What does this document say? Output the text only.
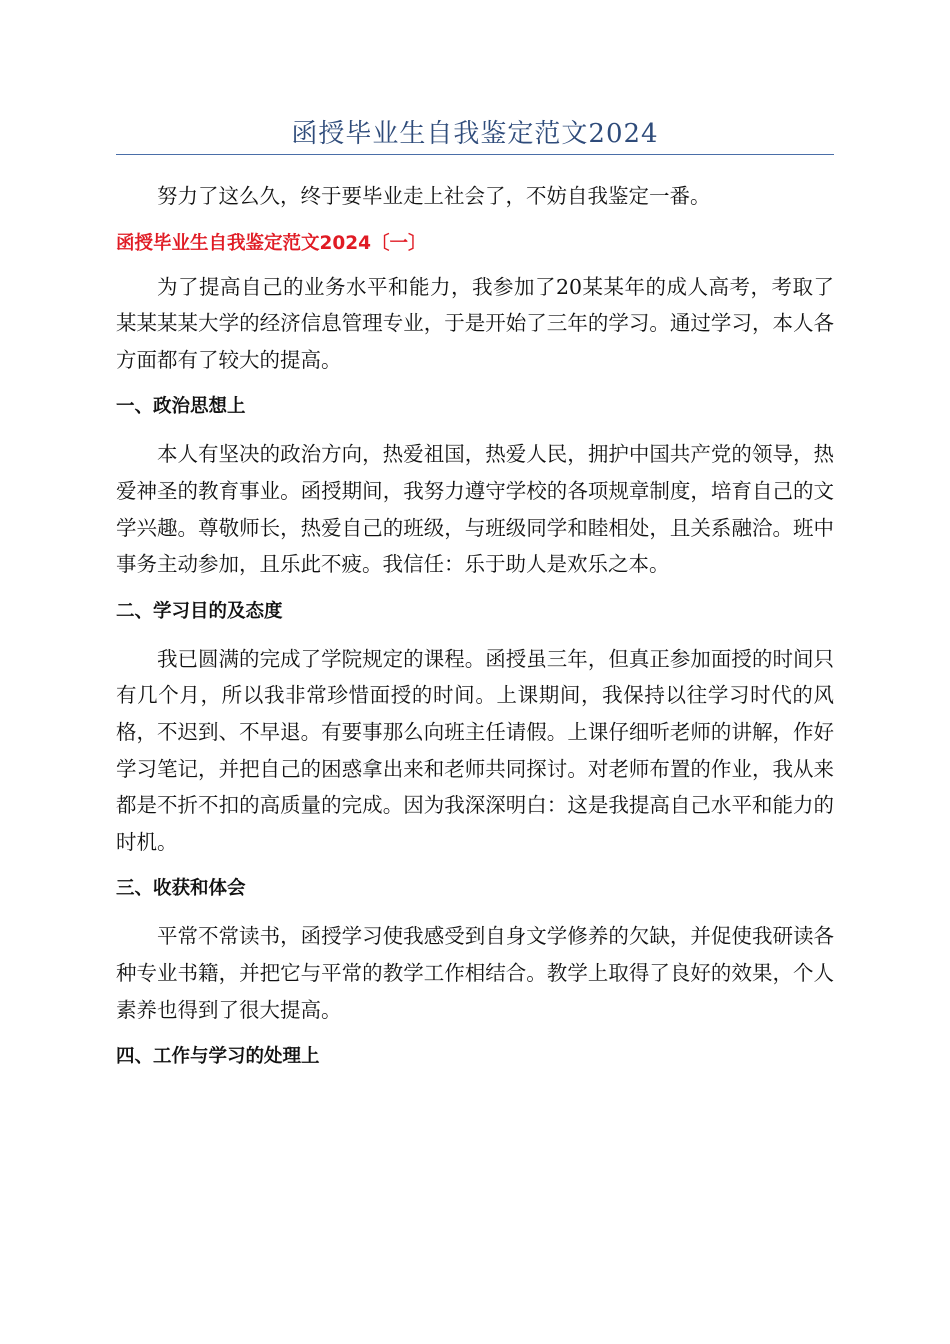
函授毕业生自我鉴定范文2024

努力了这么久，终于要毕业走上社会了，不妨自我鉴定一番。

函授毕业生自我鉴定范文2024〔一〕

为了提高自己的业务水平和能力，我参加了20某某年的成人高考，考取了某某某某大学的经济信息管理专业，于是开始了三年的学习。通过学习，本人各方面都有了较大的提高。

一、政治思想上

本人有坚决的政治方向，热爱祖国，热爱人民，拥护中国共产党的领导，热爱神圣的教育事业。函授期间，我努力遵守学校的各项规章制度，培育自己的文学兴趣。尊敬师长，热爱自己的班级，与班级同学和睦相处，且关系融洽。班中事务主动参加，且乐此不疲。我信任：乐于助人是欢乐之本。

二、学习目的及态度

我已圆满的完成了学院规定的课程。函授虽三年，但真正参加面授的时间只有几个月，所以我非常珍惜面授的时间。上课期间，我保持以往学习时代的风格，不迟到、不早退。有要事那么向班主任请假。上课仔细听老师的讲解，作好学习笔记，并把自己的困惑拿出来和老师共同探讨。对老师布置的作业，我从来都是不折不扣的高质量的完成。因为我深深明白：这是我提高自己水平和能力的时机。

三、收获和体会

平常不常读书，函授学习使我感受到自身文学修养的欠缺，并促使我研读各种专业书籍，并把它与平常的教学工作相结合。教学上取得了良好的效果，个人素养也得到了很大提高。

四、工作与学习的处理上
